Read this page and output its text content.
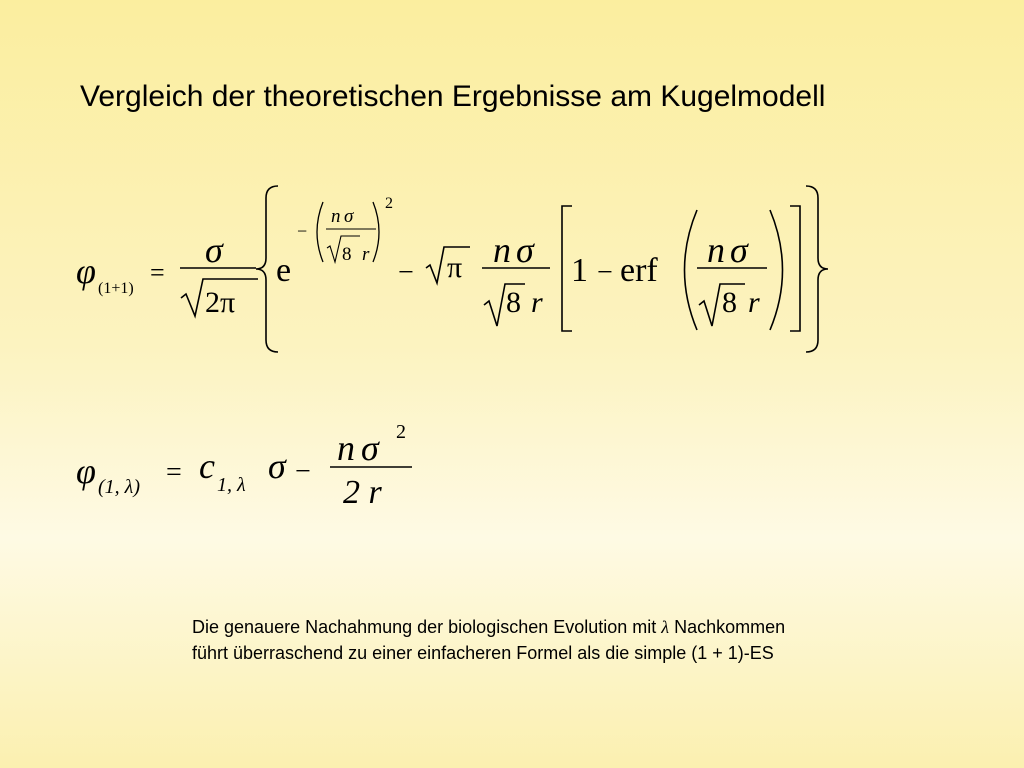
Vergleich der theoretischen Ergebnisse am Kugelmodell
φ (1+1)
=
σ
2π
e
−
n σ
8 r
2
− π n σ
8 r
1 − erf
n σ
8 r
φ (1, λ) = c 1, λ σ −
n σ 2
2 r
Die genauere Nachahmung der biologischen Evolution mit λ Nachkommen
führt überraschend zu einer einfacheren Formel als die simple (1 + 1)-ES
